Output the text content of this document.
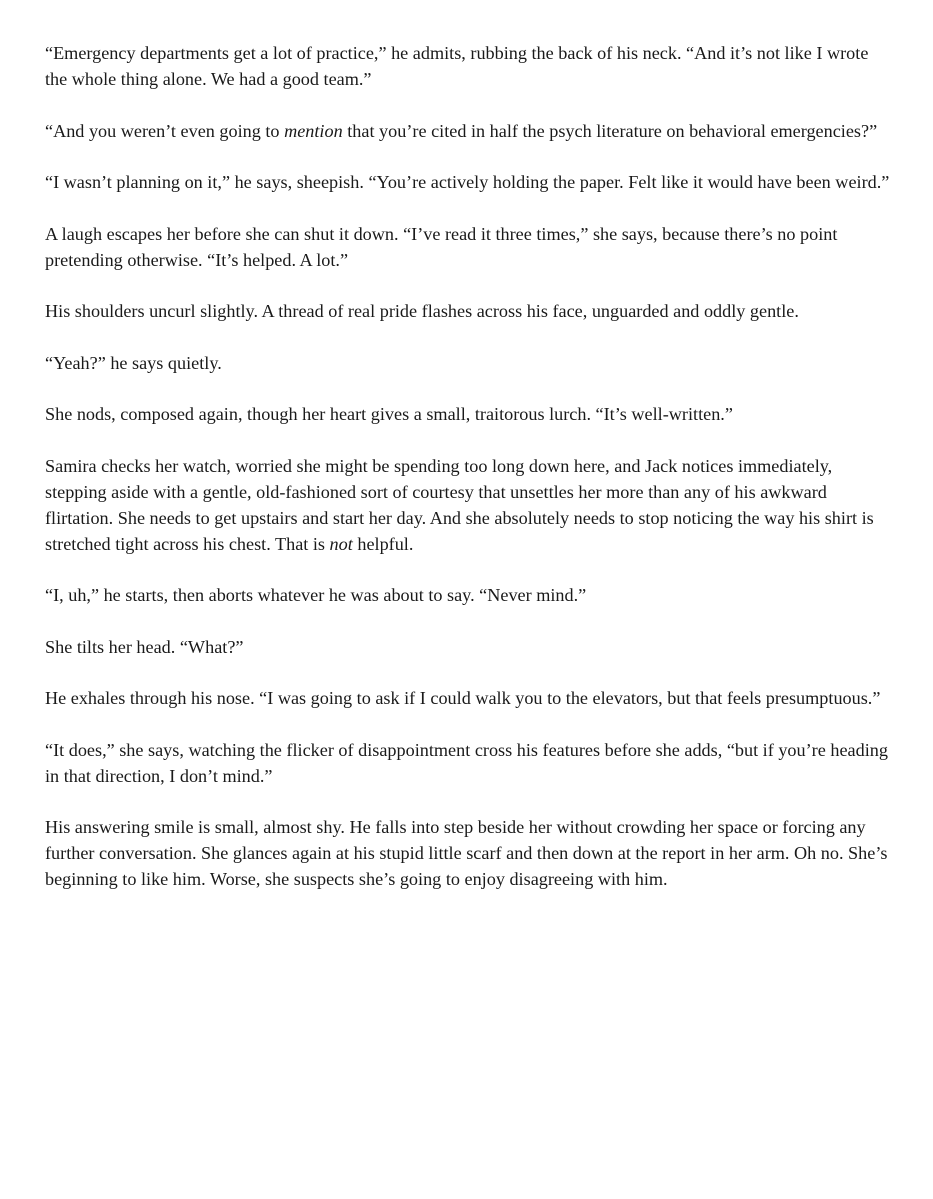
“Emergency departments get a lot of practice,” he admits, rubbing the back of his neck. “And it’s not like I wrote the whole thing alone. We had a good team.”

“And you weren’t even going to mention that you’re cited in half the psych literature on behavioral emergencies?”

“I wasn’t planning on it,” he says, sheepish. “You’re actively holding the paper. Felt like it would have been weird.”

A laugh escapes her before she can shut it down. “I’ve read it three times,” she says, because there’s no point pretending otherwise. “It’s helped. A lot.”

His shoulders uncurl slightly. A thread of real pride flashes across his face, unguarded and oddly gentle.

“Yeah?” he says quietly.

She nods, composed again, though her heart gives a small, traitorous lurch. “It’s well-written.”

Samira checks her watch, worried she might be spending too long down here, and Jack notices immediately, stepping aside with a gentle, old-fashioned sort of courtesy that unsettles her more than any of his awkward flirtation. She needs to get upstairs and start her day. And she absolutely needs to stop noticing the way his shirt is stretched tight across his chest. That is not helpful.

“I, uh,” he starts, then aborts whatever he was about to say. “Never mind.”

She tilts her head. “What?”

He exhales through his nose. “I was going to ask if I could walk you to the elevators, but that feels presumptuous.”

“It does,” she says, watching the flicker of disappointment cross his features before she adds, “but if you’re heading in that direction, I don’t mind.”

His answering smile is small, almost shy. He falls into step beside her without crowding her space or forcing any further conversation. She glances again at his stupid little scarf and then down at the report in her arm. Oh no. She’s beginning to like him. Worse, she suspects she’s going to enjoy disagreeing with him.
